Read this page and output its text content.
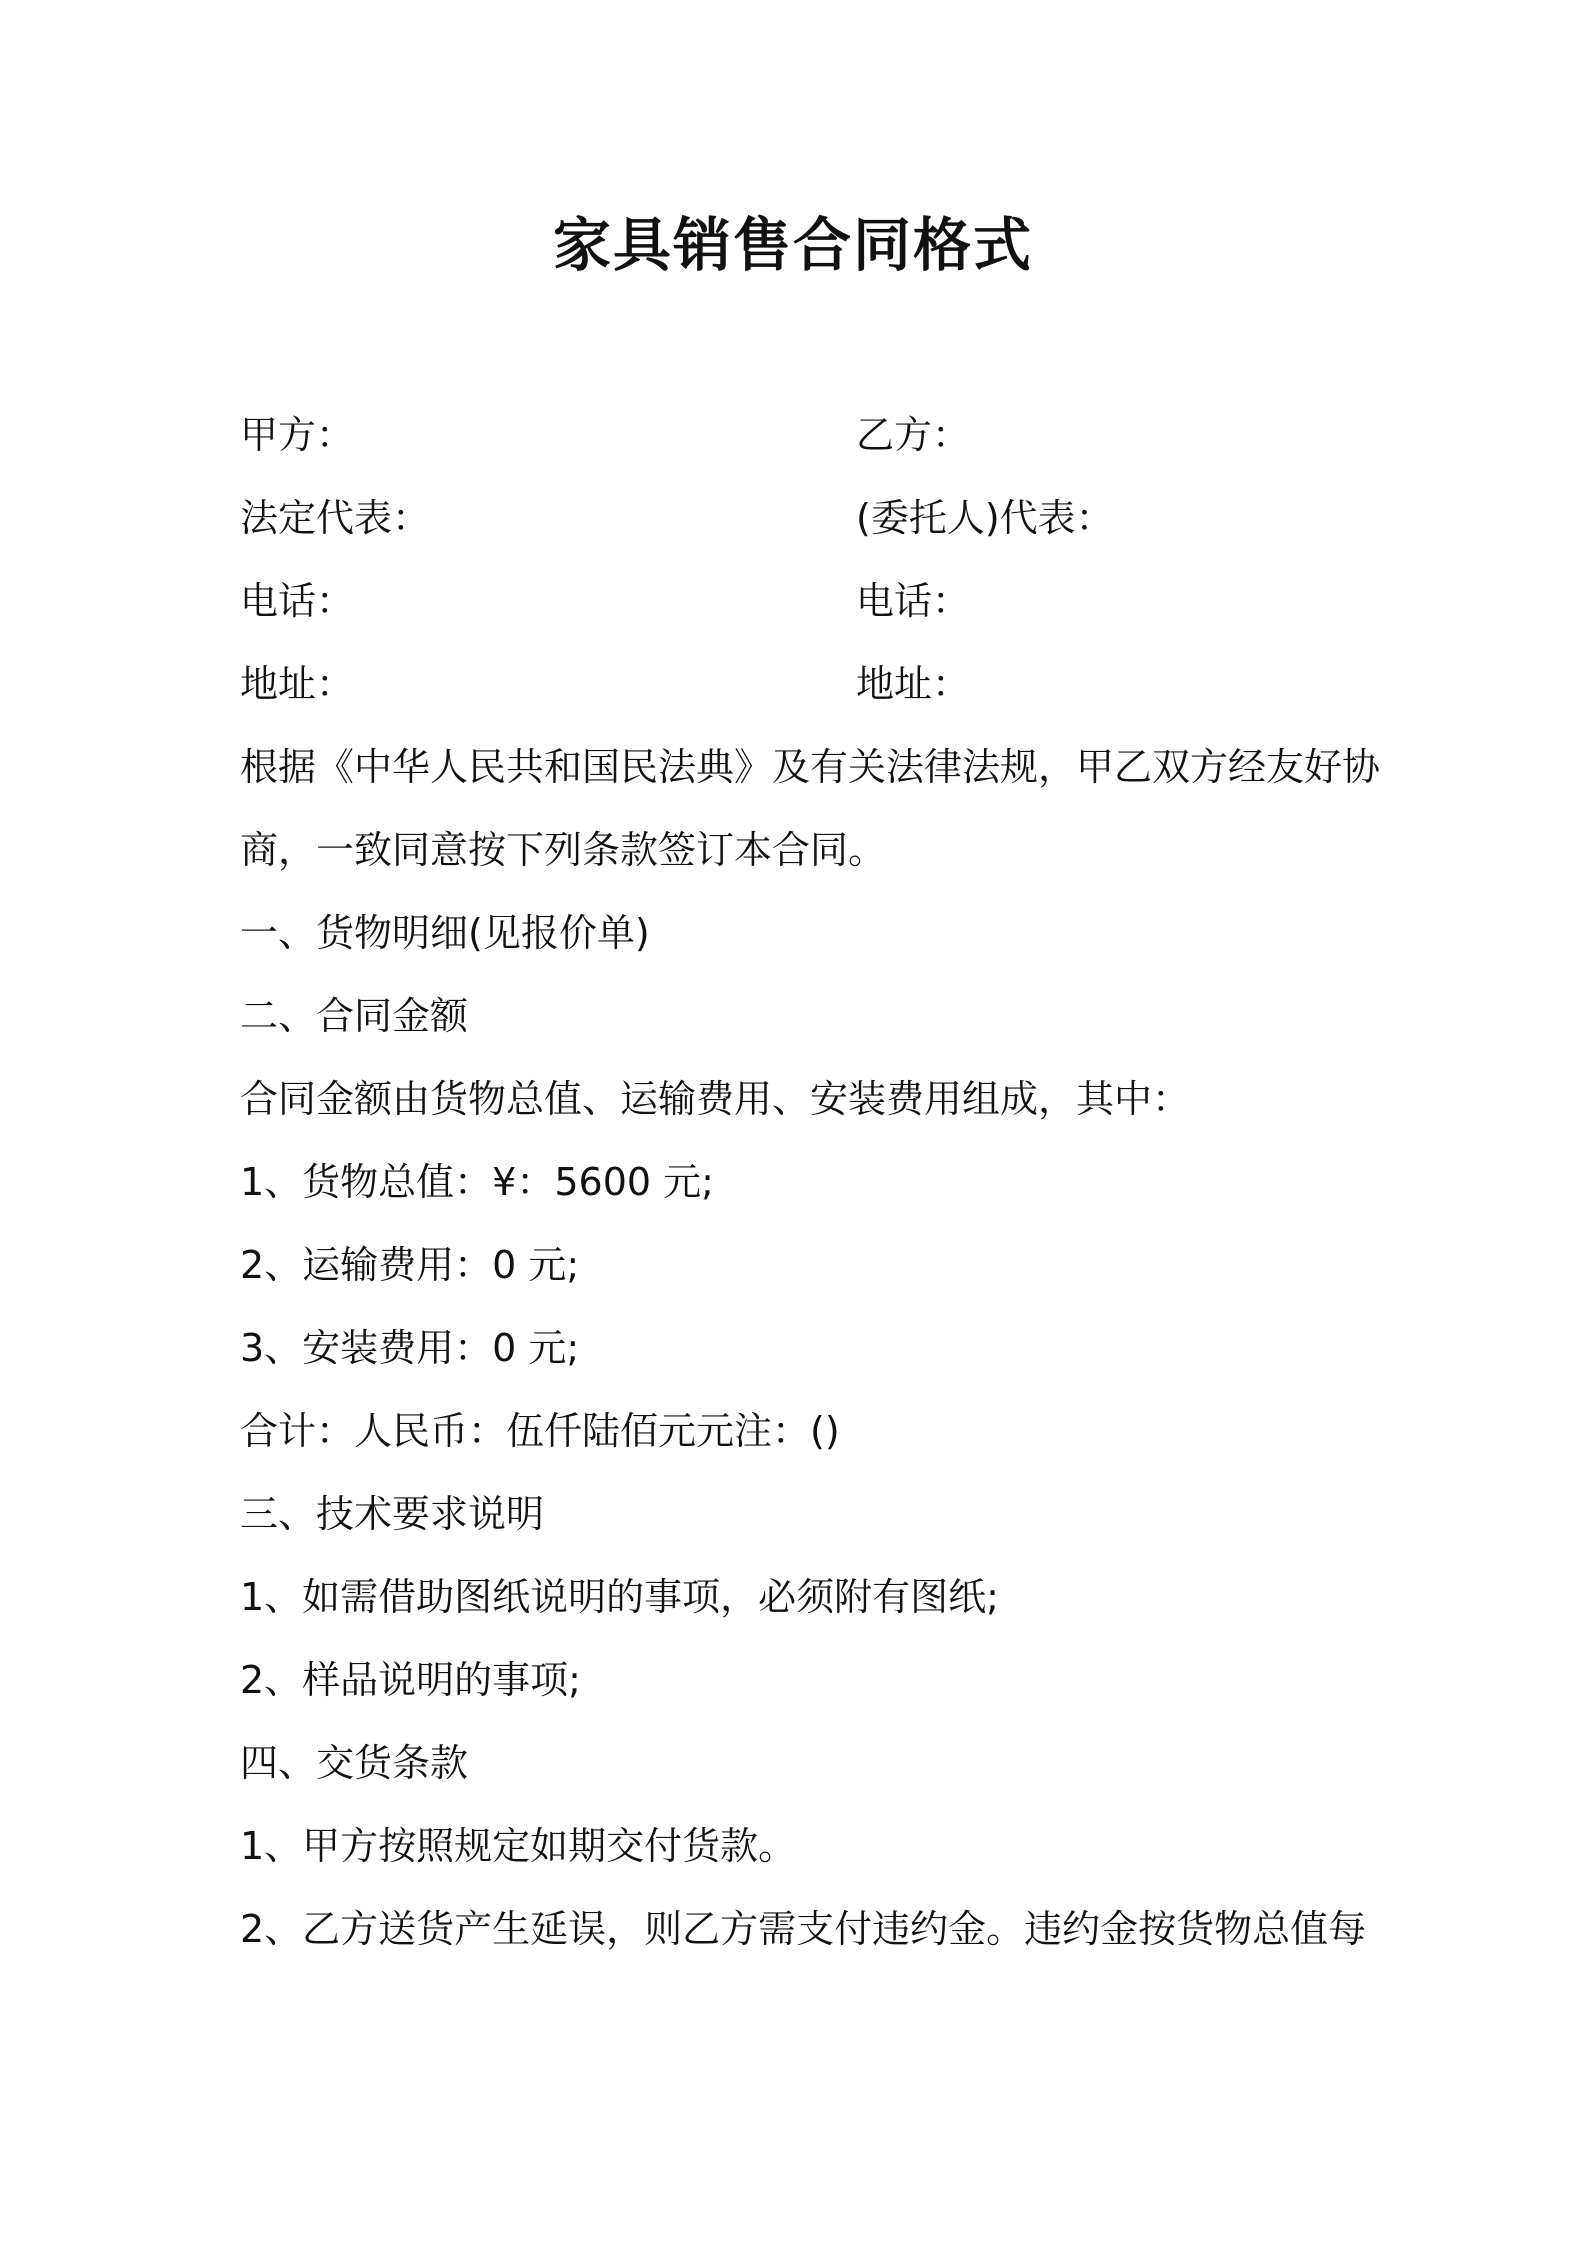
家具销售合同格式
甲方：	乙方：
法定代表：	(委托人)代表：
电话：	电话：
地址：	地址：
根据《中华人民共和国民法典》及有关法律法规，甲乙双方经友好协
商，一致同意按下列条款签订本合同。
一、货物明细(见报价单)
二、合同金额
合同金额由货物总值、运输费用、安装费用组成，其中：
1、货物总值：¥：5600 元;
2、运输费用：0 元;
3、安装费用：0 元;
合计：人民币：伍仟陆佰元元注：()
三、技术要求说明
1、如需借助图纸说明的事项，必须附有图纸;
2、样品说明的事项;
四、交货条款
1、甲方按照规定如期交付货款。
2、乙方送货产生延误，则乙方需支付违约金。违约金按货物总值每
